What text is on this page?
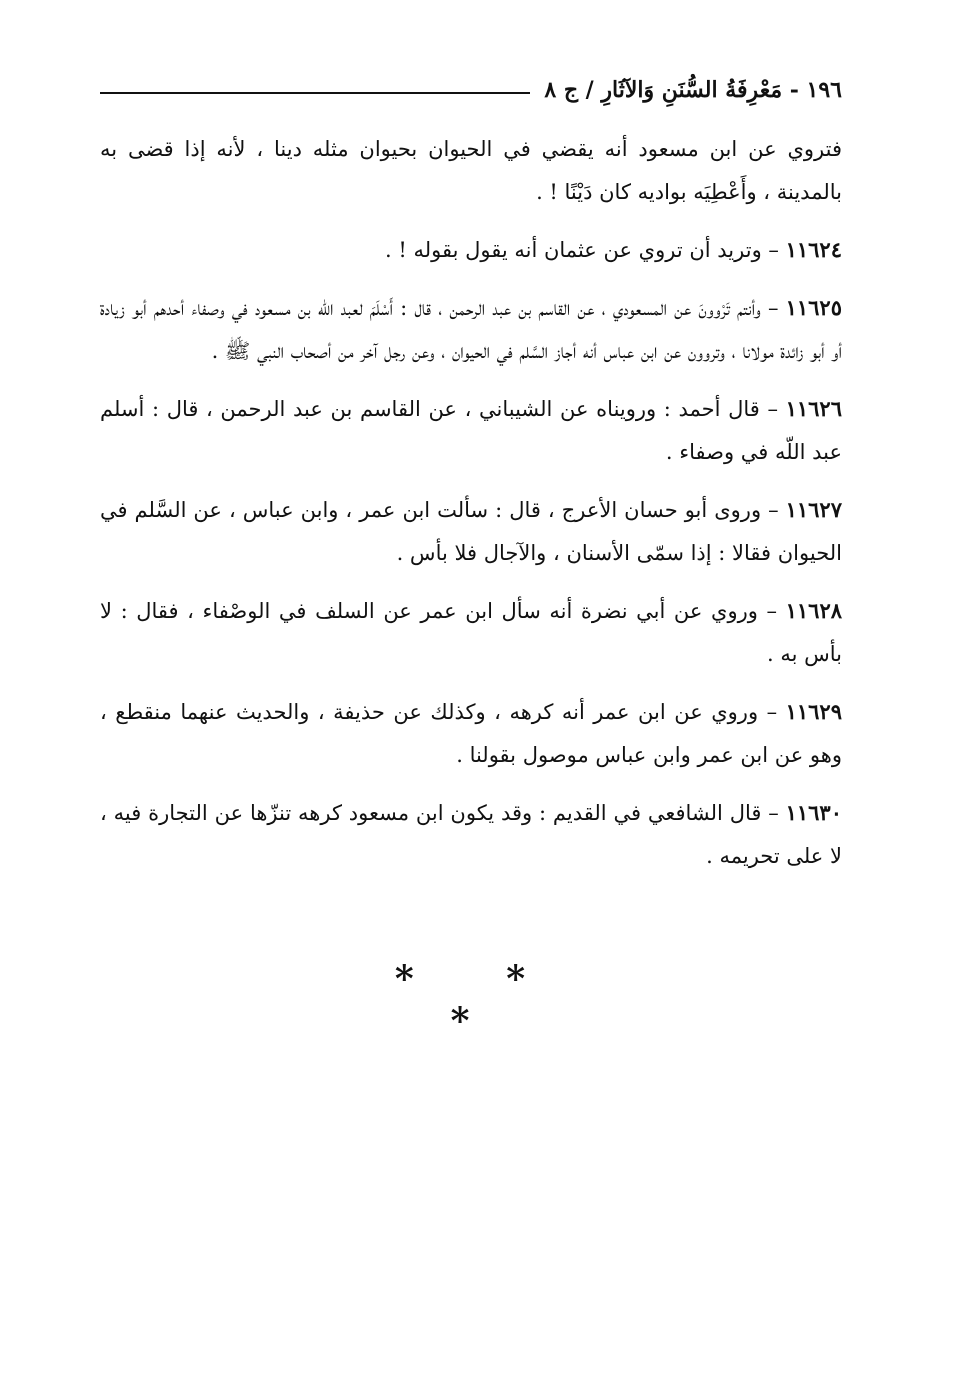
١٩٦ - مَعْرِفَةُ السُّنَنِ وَالآثَارِ / ج ٨

فتروي عن ابن مسعود أنه يقضي في الحيوان بحيوان مثله دينا ، لأنه إذا قضى به بالمدينة ، وأَعْطِيَه بواديه كان دَيْنًا ! .

١١٦٢٤ – وتريد أن تروي عن عثمان أنه يقول بقوله ! .

١١٦٢٥ – وأنتم تَرْوونَ عن المسعودي ، عن القاسم بن عبد الرحمن ، قال : أَسْلَمَ لعبد اللّه بن مسعود في وصفاء أحدهم أبو زيادة أو أبو زائدة مولانا ، وتروون عن ابن عباس أنه أجاز السَّلم في الحيوان ، وعن رجل آخر من أصحاب النبي ﷺ .

١١٦٢٦ – قال أحمد : ورويناه عن الشيباني ، عن القاسم بن عبد الرحمن ، قال : أسلم عبد اللّه في وصفاء .

١١٦٢٧ – وروى أبو حسان الأعرج ، قال : سألت ابن عمر ، وابن عباس ، عن السَّلم في الحيوان فقالا : إذا سمّى الأسنان ، والآجال فلا بأس .

١١٦٢٨ – وروي عن أبي نضرة أنه سأل ابن عمر عن السلف في الوصْفاء ، فقال : لا بأس به .

١١٦٢٩ – وروي عن ابن عمر أنه كرهه ، وكذلك عن حذيفة ، والحديث عنهما منقطع ، وهو عن ابن عمر وابن عباس موصول بقولنا .

١١٦٣٠ – قال الشافعي في القديم : وقد يكون ابن مسعود كرهه تنزّها عن التجارة فيه ، لا على تحريمه .

* * *
